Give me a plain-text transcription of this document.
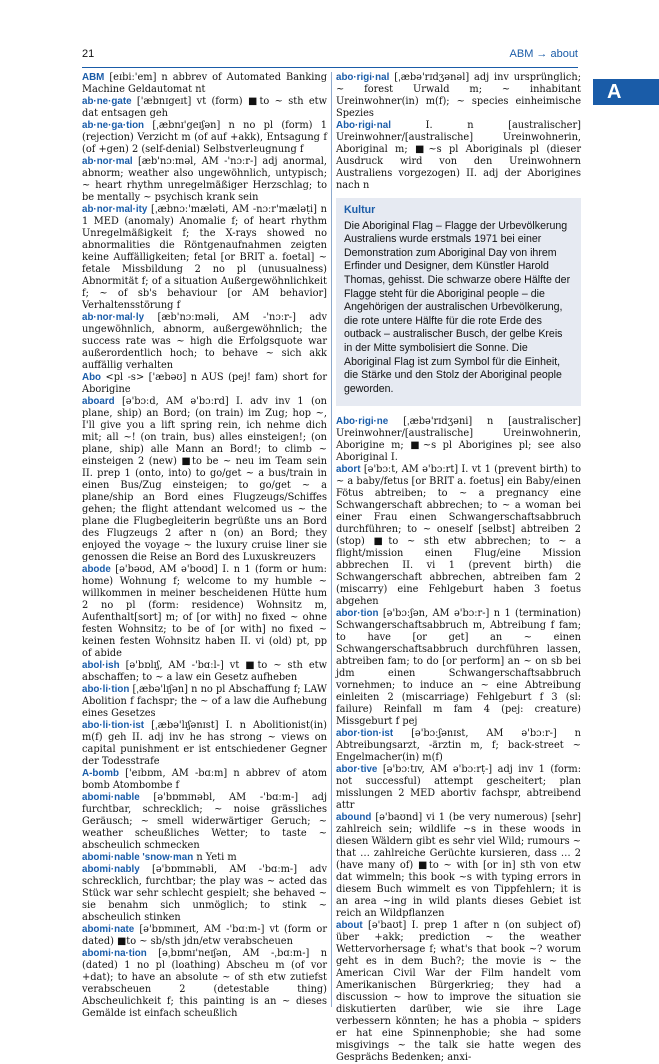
21	ABM → about
A
ABM [eɪbiː'em] n abbrev of Automated Banking Machine Geldautomat nt
ab·ne·gate ['æbnɪgeɪt] vt (form) ■to ~ sth etw dat entsagen geh
ab·ne·ga·tion [ˌæbnɪ'geɪʃən] n no pl (form) 1 (rejection) Verzicht m (of auf +akk), Entsagung f (of +gen) 2 (self-denial) Selbstverleugnung f
ab·nor·mal [æb'nɔːməl, AM -'nɔːr-] adj anormal, abnorm; weather also ungewöhnlich, untypisch; ~ heart rhythm unregelmäßiger Herzschlag; to be mentally ~ psychisch krank sein
ab·nor·mal·ity [ˌæbnɔː'mæləti, AM -nɔːr'mæləṭi] n 1 MED (anomaly) Anomalie f; of heart rhythm Unregelmäßigkeit f; the X-rays showed no abnormalities die Röntgenaufnahmen zeigten keine Auffälligkeiten; fetal [or BRIT a. foetal] ~ fetale Missbildung 2 no pl (unusualness) Abnormität f; of a situation Außergewöhnlichkeit f; ~ of sb's behaviour [or AM behavior] Verhaltensstörung f
ab·nor·mal·ly [æb'nɔːməli, AM -'nɔːr-] adv ungewöhnlich, abnorm, außergewöhnlich; the success rate was ~ high die Erfolgsquote war außerordentlich hoch; to behave ~ sich akk auffällig verhalten
Abo <pl -s> ['æbəʊ] n AUS (pej! fam) short for Aborigine
aboard [ə'bɔːd, AM ə'bɔːrd] I. adv inv 1 (on plane, ship) an Bord; (on train) im Zug; hop ~, I'll give you a lift spring rein, ich nehme dich mit; all ~! (on train, bus) alles einsteigen!; (on plane, ship) alle Mann an Bord!; to climb ~ einsteigen 2 (new) ■to be ~ neu im Team sein II. prep 1 (onto, into) to go/get ~ a bus/train in einen Bus/Zug einsteigen; to go/get ~ a plane/ship an Bord eines Flugzeugs/Schiffes gehen; the flight attendant welcomed us ~ the plane die Flugbegleiterin begrüßte uns an Bord des Flugzeugs 2 after n (on) an Bord; they enjoyed the voyage ~ the luxury cruise liner sie genossen die Reise an Bord des Luxuskreuzers
abode [ə'bəʊd, AM ə'boʊd] I. n 1 (form or hum: home) Wohnung f; welcome to my humble ~ willkommen in meiner bescheidenen Hütte hum 2 no pl (form: residence) Wohnsitz m, Aufenthalt[sort] m; of [or with] no fixed ~ ohne festen Wohnsitz; to be of [or with] no fixed ~ keinen festen Wohnsitz haben II. vi (old) pt, pp of abide
abol·ish [ə'bɒlɪʃ, AM -'bɑːl-] vt ■to ~ sth etw abschaffen; to ~ a law ein Gesetz aufheben
abo·li·tion [ˌæbə'lɪʃən] n no pl Abschaffung f; LAW Abolition f fachspr; the ~ of a law die Aufhebung eines Gesetzes
abo·li·tion·ist [ˌæbə'lɪʃənɪst] I. n Abolitionist(in) m(f) geh II. adj inv he has strong ~ views on capital punishment er ist entschiedener Gegner der Todesstrafe
A-bomb ['eɪbɒm, AM -bɑːm] n abbrev of atom bomb Atombombe f
abomi·nable [ə'bɒmɪnəbl, AM -'bɑːm-] adj furchtbar, schrecklich; ~ noise grässliches Geräusch; ~ smell widerwärtiger Geruch; ~ weather scheußliches Wetter; to taste ~ abscheulich schmecken
abomi·nable 'snow·man n Yeti m
abomi·nably [ə'bɒmɪnəbli, AM -'bɑːm-] adv schrecklich, furchtbar; the play was ~ acted das Stück war sehr schlecht gespielt; she behaved ~ sie benahm sich unmöglich; to stink ~ abscheulich stinken
abomi·nate [ə'bɒmɪneɪt, AM -'bɑːm-] vt (form or dated) ■to ~ sb/sth jdn/etw verabscheuen
abomi·na·tion [əˌbɒmɪ'neɪʃən, AM -ˌbɑːm-] n (dated) 1 no pl (loathing) Abscheu m (of vor +dat); to have an absolute ~ of sth etw zutiefst verabscheuen 2 (detestable thing) Abscheulichkeit f; this painting is an ~ dieses Gemälde ist einfach scheußlich
abo·rigi·nal [ˌæbə'rɪdʒənəl] adj inv ursprünglich; ~ forest Urwald m; ~ inhabitant Ureinwohner(in) m(f); ~ species einheimische Spezies
Abo·rigi·nal	I. n [australischer] Ureinwohner/[australische] Ureinwohnerin, Aboriginal m; ■~s pl Aboriginals pl (dieser Ausdruck wird von den Ureinwohnern Australiens vorgezogen) II. adj der Aborigines nach n
Kultur
Die Aboriginal Flag – Flagge der Urbevölkerung Australiens wurde erstmals 1971 bei einer Demonstration zum Aboriginal Day von ihrem Erfinder und Designer, dem Künstler Harold Thomas, gehisst. Die schwarze obere Hälfte der Flagge steht für die Aboriginal people – die Angehörigen der australischen Urbevölkerung, die rote untere Hälfte für die rote Erde des outback – australischer Busch, der gelbe Kreis in der Mitte symbolisiert die Sonne. Die Aboriginal Flag ist zum Symbol für die Einheit, die Stärke und den Stolz der Aboriginal people geworden.
Abo·rigi·ne [ˌæbə'rɪdʒəni] n [australischer] Ureinwohner/[australische] Ureinwohnerin, Aborigine m; ■~s pl Aborigines pl; see also Aboriginal I.
abort [ə'bɔːt, AM ə'bɔːrt] I. vt 1 (prevent birth) to ~ a baby/fetus [or BRIT a. foetus] ein Baby/einen Fötus abtreiben; to ~ a pregnancy eine Schwangerschaft abbrechen; to ~ a woman bei einer Frau einen Schwangerschaftsabbruch durchführen; to ~ oneself [selbst] abtreiben 2 (stop) ■to ~ sth etw abbrechen; to ~ a flight/mission einen Flug/eine Mission abbrechen II. vi 1 (prevent birth) die Schwangerschaft abbrechen, abtreiben fam 2 (miscarry) eine Fehlgeburt haben 3 foetus abgehen
abor·tion [ə'bɔːʃən, AM ə'bɔːr-] n 1 (termination) Schwangerschaftsabbruch m, Abtreibung f fam; to have [or get] an ~ einen Schwangerschaftsabbruch durchführen lassen, abtreiben fam; to do [or perform] an ~ on sb bei jdm einen Schwangerschaftsabbruch vornehmen; to induce an ~ eine Abtreibung einleiten 2 (miscarriage) Fehlgeburt f 3 (sl: failure) Reinfall m fam 4 (pej: creature) Missgeburt f pej
abor·tion·ist [ə'bɔːʃənɪst, AM ə'bɔːr-] n Abtreibungsarzt, -ärztin m, f; back-street ~ Engelmacher(in) m(f)
abor·tive [ə'bɔːtɪv, AM ə'bɔːrṭ-] adj inv 1 (form: not successful) attempt gescheitert; plan misslungen 2 MED abortiv fachspr, abtreibend attr
abound [ə'baʊnd] vi 1 (be very numerous) [sehr] zahlreich sein; wildlife ~s in these woods in diesen Wäldern gibt es sehr viel Wild; rumours ~ that … zahlreiche Gerüchte kursieren, dass … 2 (have many of) ■to ~ with [or in] sth von etw dat wimmeln; this book ~s with typing errors in diesem Buch wimmelt es von Tippfehlern; it is an area ~ing in wild plants dieses Gebiet ist reich an Wildpflanzen
about [ə'baʊt] I. prep 1 after n (on subject of) über +akk; prediction ~ the weather Wettervorhersage f; what's that book ~? worum geht es in dem Buch?; the movie is ~ the American Civil War der Film handelt vom Amerikanischen Bürgerkrieg; they had a discussion ~ how to improve the situation sie diskutierten darüber, wie sie ihre Lage verbessern könnten; he has a phobia ~ spiders er hat eine Spinnenphobie; she had some misgivings ~ the talk sie hatte wegen des Gesprächs Bedenken; anxi-
